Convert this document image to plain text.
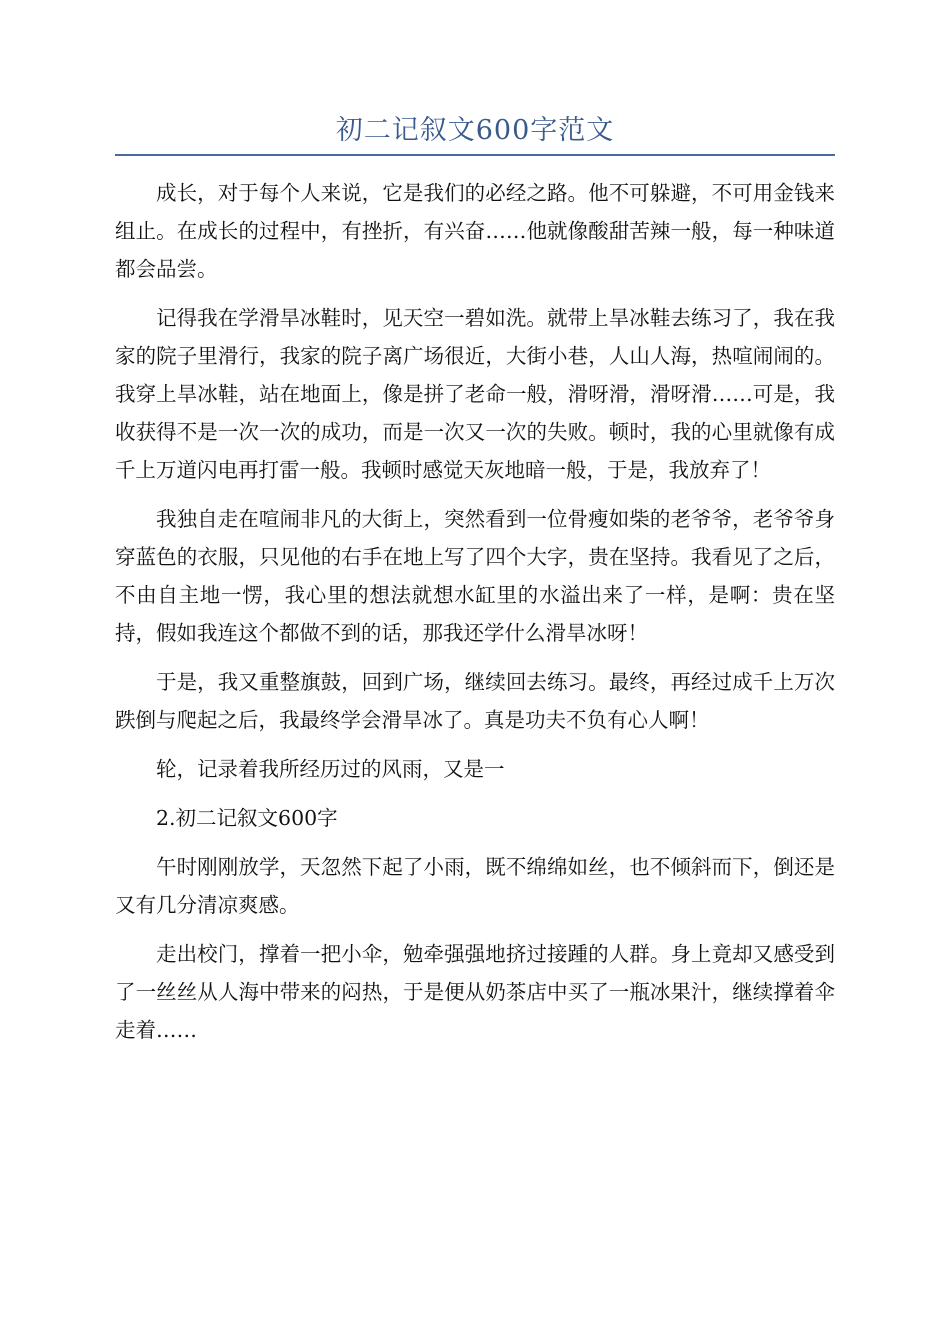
初二记叙文600字范文

成长，对于每个人来说，它是我们的必经之路。他不可躲避，不可用金钱来组止。在成长的过程中，有挫折，有兴奋……他就像酸甜苦辣一般，每一种味道都会品尝。

记得我在学滑旱冰鞋时，见天空一碧如洗。就带上旱冰鞋去练习了，我在我家的院子里滑行，我家的院子离广场很近，大街小巷，人山人海，热喧闹闹的。我穿上旱冰鞋，站在地面上，像是拼了老命一般，滑呀滑，滑呀滑……可是，我收获得不是一次一次的成功，而是一次又一次的失败。顿时，我的心里就像有成千上万道闪电再打雷一般。我顿时感觉天灰地暗一般，于是，我放弃了！

我独自走在喧闹非凡的大街上，突然看到一位骨瘦如柴的老爷爷，老爷爷身穿蓝色的衣服，只见他的右手在地上写了四个大字，贵在坚持。我看见了之后，不由自主地一愣，我心里的想法就想水缸里的水溢出来了一样，是啊：贵在坚持，假如我连这个都做不到的话，那我还学什么滑旱冰呀！

于是，我又重整旗鼓，回到广场，继续回去练习。最终，再经过成千上万次跌倒与爬起之后，我最终学会滑旱冰了。真是功夫不负有心人啊！

轮，记录着我所经历过的风雨，又是一

2.初二记叙文600字

午时刚刚放学，天忽然下起了小雨，既不绵绵如丝，也不倾斜而下，倒还是又有几分清凉爽感。

走出校门，撑着一把小伞，勉牵强强地挤过接踵的人群。身上竟却又感受到了一丝丝从人海中带来的闷热，于是便从奶茶店中买了一瓶冰果汁，继续撑着伞走着……
